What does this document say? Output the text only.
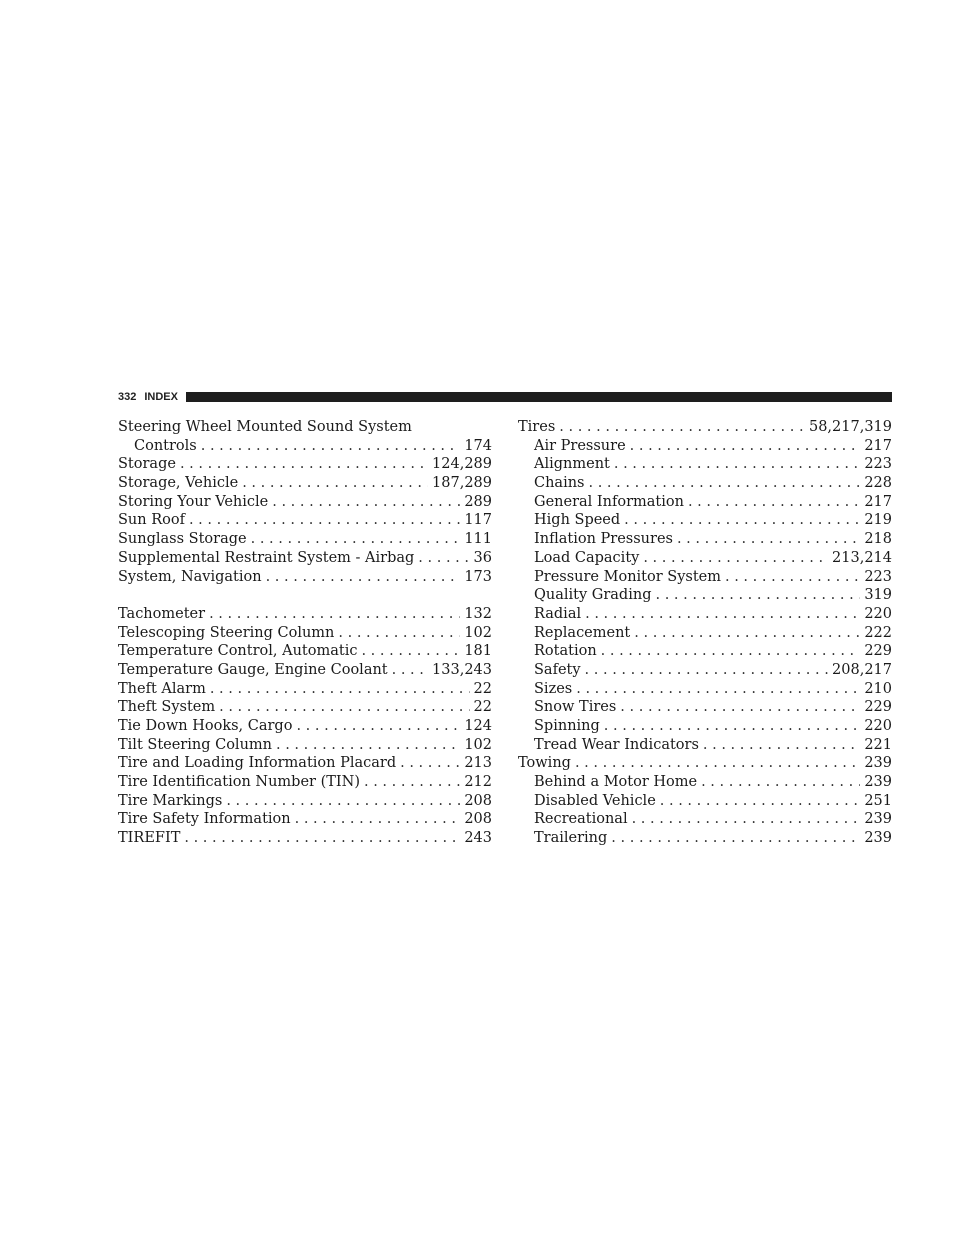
332 INDEX
Steering Wheel Mounted Sound System
Controls . . .	174
Storage . . .	124,289
Storage, Vehicle . . .	187,289
Storing Your Vehicle . . .	289
Sun Roof . . .	117
Sunglass Storage . . .	111
Supplemental Restraint System - Airbag . . .	36
System, Navigation . . .	173
Tachometer . . .	132
Telescoping Steering Column . . .	102
Temperature Control, Automatic . . .	181
Temperature Gauge, Engine Coolant . . .	133,243
Theft Alarm . . .	22
Theft System . . .	22
Tie Down Hooks, Cargo . . .	124
Tilt Steering Column . . .	102
Tire and Loading Information Placard . . .	213
Tire Identification Number (TIN) . . .	212
Tire Markings . . .	208
Tire Safety Information . . .	208
TIREFIT . . .	243
Tires . . .	58,217,319
Air Pressure . . .	217
Alignment . . .	223
Chains . . .	228
General Information . . .	217
High Speed . . .	219
Inflation Pressures . . .	218
Load Capacity . . .	213,214
Pressure Monitor System . . .	223
Quality Grading . . .	319
Radial . . .	220
Replacement . . .	222
Rotation . . .	229
Safety . . .	208,217
Sizes . . .	210
Snow Tires . . .	229
Spinning . . .	220
Tread Wear Indicators . . .	221
Towing . . .	239
Behind a Motor Home . . .	239
Disabled Vehicle . . .	251
Recreational . . .	239
Trailering . . .	239
